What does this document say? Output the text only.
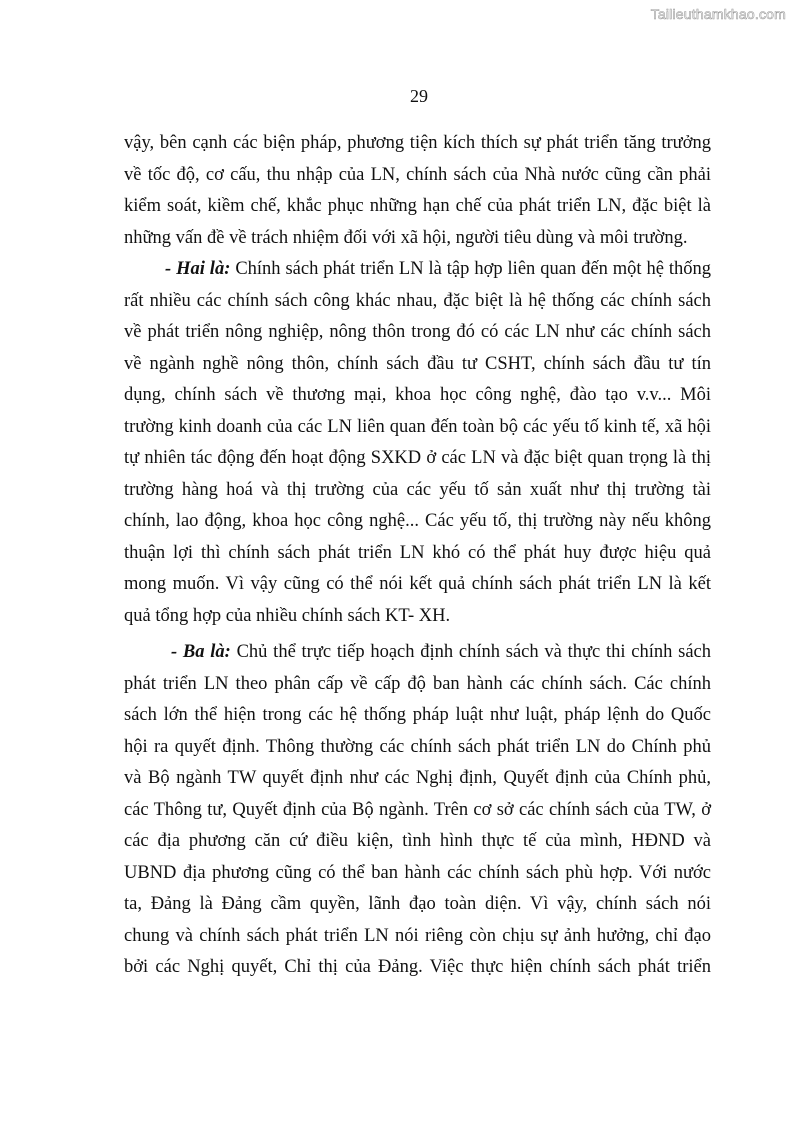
Tailieuthamkhao.com
29
vậy, bên cạnh các biện pháp, phương tiện kích thích sự phát triển tăng trưởng
về tốc độ, cơ cấu, thu nhập của LN, chính sách của Nhà nước cũng cần phải
kiểm soát, kiềm chế, khắc phục những hạn chế của phát triển LN, đặc biệt là
những vấn đề về trách nhiệm đối với xã hội, người tiêu dùng và môi trường.
- Hai là: Chính sách phát triển LN là tập hợp liên quan đến một hệ thống
rất nhiều các chính sách công khác nhau, đặc biệt là hệ thống các chính sách
về phát triển nông nghiệp, nông thôn trong đó có các LN như các chính sách
về ngành nghề nông thôn, chính sách đầu tư CSHT, chính sách đầu tư tín
dụng, chính sách về thương mại, khoa học công nghệ, đào tạo v.v... Môi
trường kinh doanh của các LN liên quan đến toàn bộ các yếu tố kinh tế, xã hội
tự nhiên tác động đến hoạt động SXKD ở các LN và đặc biệt quan trọng là thị
trường hàng hoá và thị trường của các yếu tố sản xuất như thị trường tài
chính, lao động, khoa học công nghệ... Các yếu tố, thị trường này nếu không
thuận lợi thì chính sách phát triển LN khó có thể phát huy được hiệu quả
mong muốn. Vì vậy cũng có thể nói kết quả chính sách phát triển LN là kết
quả tổng hợp của nhiều chính sách KT- XH.
- Ba là: Chủ thể trực tiếp hoạch định chính sách và thực thi chính sách
phát triển LN theo phân cấp về cấp độ ban hành các chính sách. Các chính
sách lớn thể hiện trong các hệ thống pháp luật như luật, pháp lệnh do Quốc
hội ra quyết định. Thông thường các chính sách phát triển LN do Chính phủ
và Bộ ngành TW quyết định như các Nghị định, Quyết định của Chính phủ,
các Thông tư, Quyết định của Bộ ngành. Trên cơ sở các chính sách của TW, ở
các địa phương căn cứ điều kiện, tình hình thực tế của mình, HĐND và
UBND địa phương cũng có thể ban hành các chính sách phù hợp. Với nước
ta, Đảng là Đảng cầm quyền, lãnh đạo toàn diện. Vì vậy, chính sách nói
chung và chính sách phát triển LN nói riêng còn chịu sự ảnh hưởng, chỉ đạo
bởi các Nghị quyết, Chỉ thị của Đảng. Việc thực hiện chính sách phát triển
